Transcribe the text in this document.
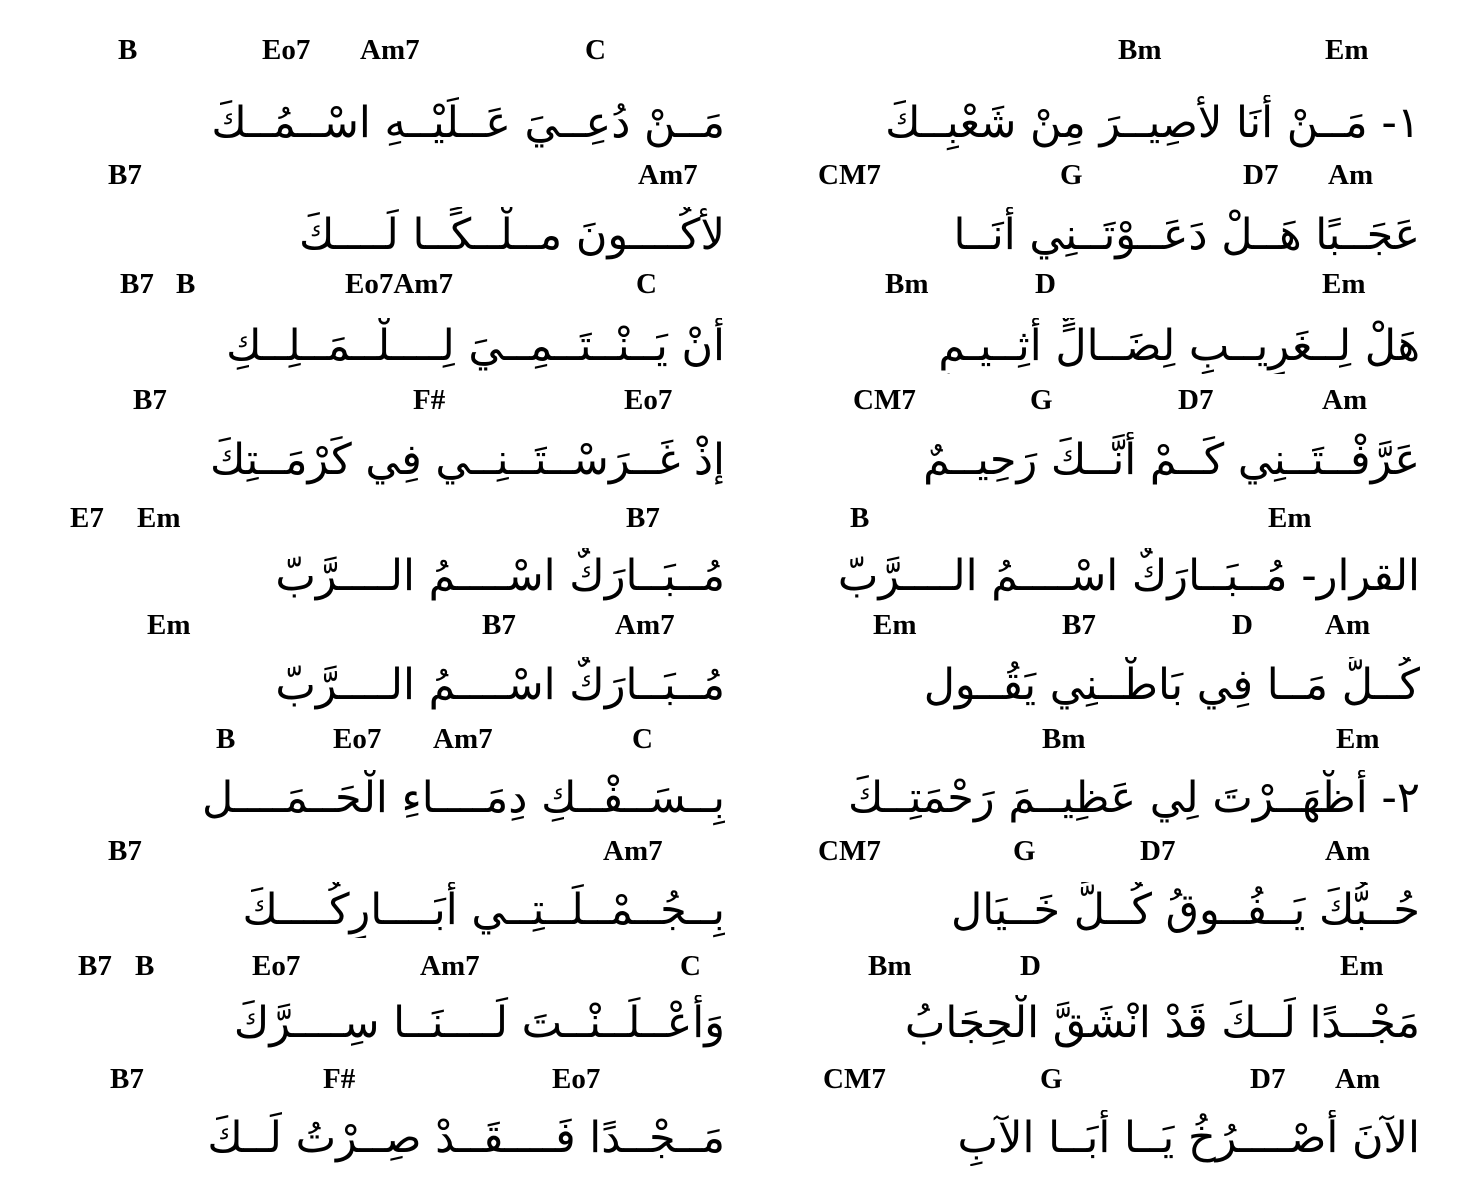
Bm	Em
١- مَــنْ أنَا لأَصِيــرَ مِنْ شَعْبِــكَ
CM7	G	D7 Am
عَجَــبًا هَــلْ دَعَــوْتَــنِي أنَــا
Bm	D	Em
هَلْ لِــغَرِيــبِ لِضَــالٍّ أثِــيـمِ
CM7	G	D7	Am
عَرَّفْــتَــنِي كَــمْ أنَّــكَ رَحِيــمٌ
B	Em
القرار- مُــبَــارَكٌ اسْــــمُ الــــرَّبّ
Em	B7	D Am
كُــلُّ مَــا فِي بَاطْــنِي يَقُــول
Bm	Em
٢- أظْهَــرْتَ لِي عَظِيــمَ رَحْمَتِــكَ
CM7	G	D7	Am
حُــبُّكَ يَــفُــوقُ كُــلَّ خَــيَال
Bm	D	Em
مَجْــدًا لَــكَ قَدْ انْشَقَّ الْحِجَابُ
CM7	G	D7 Am
الآنَ أصْــــرُخُ يَــا أبَــا الآبِ
B	Eo7 Am7	C
مَــنْ دُعِــيَ عَــلَيْــهِ اسْــمُــكَ
B7	Am7
لأكُــــونَ مــلْــكًــا لَــــكَ
B7 B	Eo7Am7	C
أنْ يَــنْــتَــمِــيَ لِــــلْــمَــلِــكِ
B7	F#	Eo7
إذْ غَــرَسْــتَــنِــي فِي كَرْمَــتِكَ
E7 Em	B7
مُــبَــارَكٌ اسْــــمُ الــــرَّبّ
Em	B7	Am7
مُــبَــارَكٌ اسْــــمُ الــــرَّبّ
B	Eo7 Am7	C
بِــسَــفْــكِ دِمَــــاءِ الْحَــمَــــل
B7	Am7
بِــجُــمْــلَــتِــي أبَــــارِكُــــكَ
B7 B	Eo7	Am7	C
وَأعْــلَــنْــتَ لَــــنَــا سِــــرَّكَ
B7	F#	Eo7
مَــجْــدًا فَــــقَــدْ صِــرْتُ لَــكَ
